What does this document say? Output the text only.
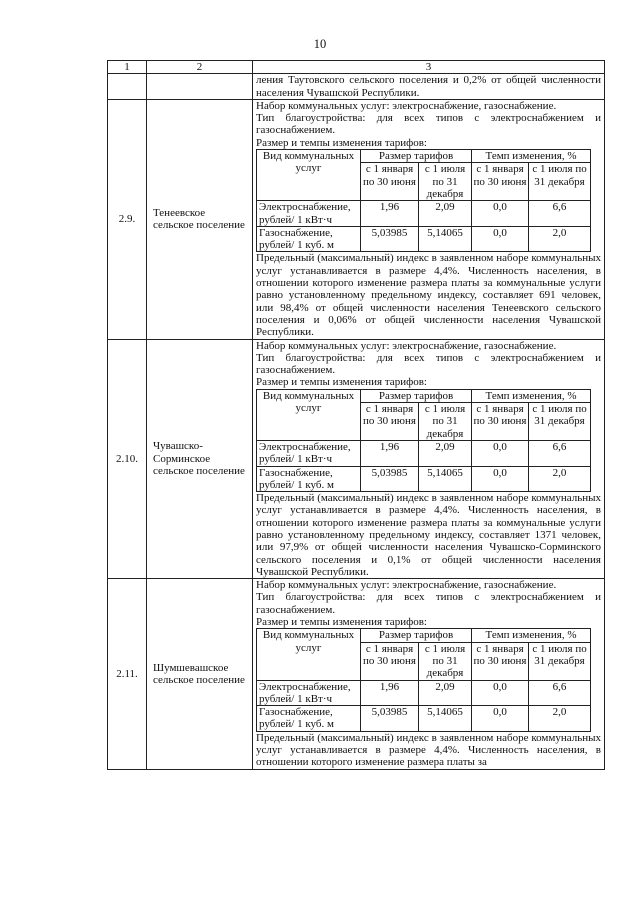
10
1	2	3
		ления Таутовского сельского поселения и 0,2% от общей численности населения Чувашской Республики.
2.9.	Тенеевское сельское поселение	

Набор коммунальных услуг: электроснабжение, газоснабжение.

Тип благоустройства: для всех типов с электроснабжением и газоснабжением.

Размер и темпы изменения тарифов:

Вид коммунальных услуг	Размер тарифов	Темп изменения, %
с 1 января по 30 июня	с 1 июля по 31 декабря	с 1 января по 30 июня	с 1 июля по 31 декабря
Электроснабжение, рублей/ 1 кВт·ч	1,96	2,09	0,0	6,6
Газоснабжение, рублей/ 1 куб. м	5,03985	5,14065	0,0	2,0

Предельный (максимальный) индекс в заявленном наборе коммунальных услуг устанавливается в размере 4,4%. Численность населения, в отношении которого изменение размера платы за коммунальные услуги равно установленному предельному индексу, составляет 691 человек, или 98,4% от общей численности населения Тенеевского сельского поселения и 0,06% от общей численности населения Чувашской Республики.

2.10.	Чувашско-Сорминское сельское поселение	

Набор коммунальных услуг: электроснабжение, газоснабжение.

Тип благоустройства: для всех типов с электроснабжением и газоснабжением.

Размер и темпы изменения тарифов:

Вид коммунальных услуг	Размер тарифов	Темп изменения, %
с 1 января по 30 июня	с 1 июля по 31 декабря	с 1 января по 30 июня	с 1 июля по 31 декабря
Электроснабжение, рублей/ 1 кВт·ч	1,96	2,09	0,0	6,6
Газоснабжение, рублей/ 1 куб. м	5,03985	5,14065	0,0	2,0

Предельный (максимальный) индекс в заявленном наборе коммунальных услуг устанавливается в размере 4,4%. Численность населения, в отношении которого изменение размера платы за коммунальные услуги равно установленному предельному индексу, составляет 1371 человек, или 97,9% от общей численности населения Чувашско-Сорминского сельского поселения и 0,1% от общей численности населения Чувашской Республики.

2.11.	Шумшевашское сельское поселение	

Набор коммунальных услуг: электроснабжение, газоснабжение.

Тип благоустройства: для всех типов с электроснабжением и газоснабжением.

Размер и темпы изменения тарифов:

Вид коммунальных услуг	Размер тарифов	Темп изменения, %
с 1 января по 30 июня	с 1 июля по 31 декабря	с 1 января по 30 июня	с 1 июля по 31 декабря
Электроснабжение, рублей/ 1 кВт·ч	1,96	2,09	0,0	6,6
Газоснабжение, рублей/ 1 куб. м	5,03985	5,14065	0,0	2,0

Предельный (максимальный) индекс в заявленном наборе коммунальных услуг устанавливается в размере 4,4%. Численность населения, в отношении которого изменение размера платы за
